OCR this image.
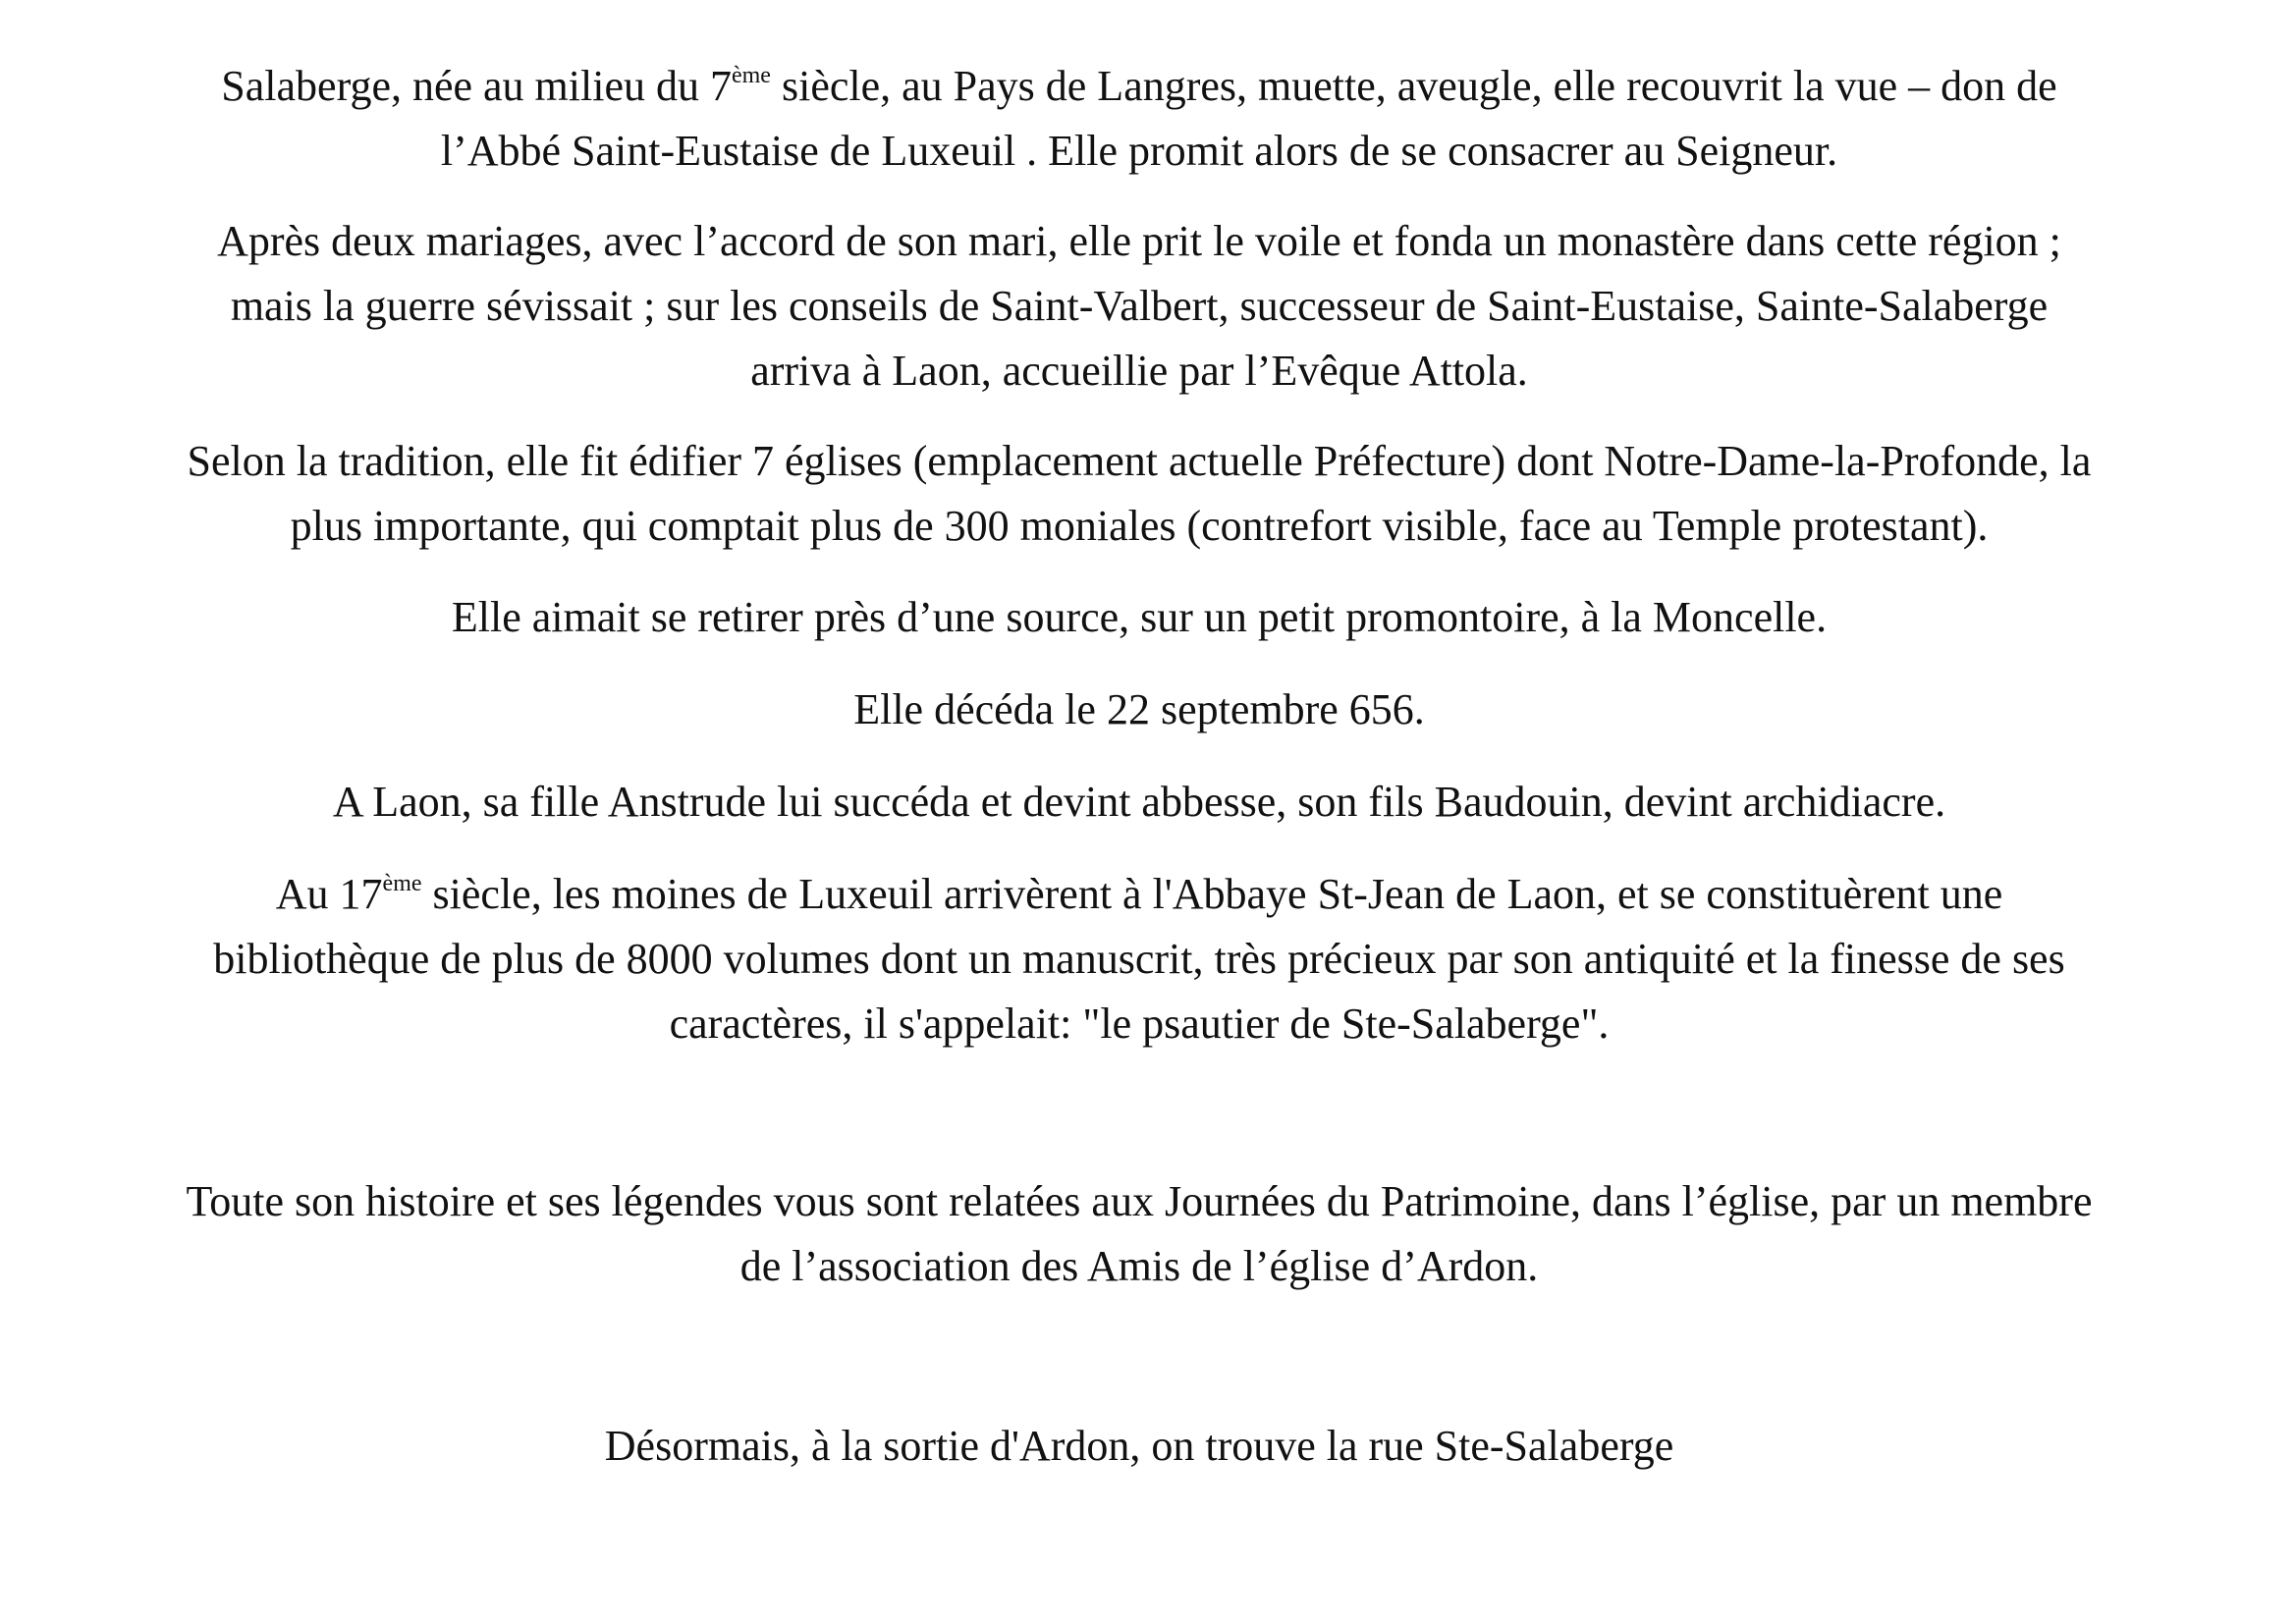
Salaberge, née au milieu du 7ème siècle, au Pays de Langres, muette, aveugle, elle recouvrit la vue – don de l’Abbé Saint-Eustaise de Luxeuil . Elle promit alors de se consacrer au Seigneur.

Après deux mariages, avec l’accord de son mari, elle prit le voile et fonda un monastère dans cette région ; mais la guerre sévissait ; sur les conseils de Saint-Valbert, successeur de Saint-Eustaise, Sainte-Salaberge arriva à Laon, accueillie par l’Evêque Attola.

Selon la tradition, elle fit édifier 7 églises (emplacement actuelle Préfecture) dont Notre-Dame-la-Profonde, la plus importante, qui comptait plus de 300 moniales (contrefort visible, face au Temple protestant).

Elle aimait se retirer près d’une source, sur un petit promontoire, à la Moncelle.

Elle décéda le 22 septembre 656.

A Laon, sa fille Anstrude lui succéda et devint abbesse, son fils Baudouin, devint archidiacre.

Au 17ème siècle, les moines de Luxeuil arrivèrent à l'Abbaye St-Jean de Laon, et se constituèrent une bibliothèque de plus de 8000 volumes dont un manuscrit, très précieux par son antiquité et la finesse de ses caractères, il s'appelait: "le psautier de Ste-Salaberge".

Toute son histoire et ses légendes vous sont relatées aux Journées du Patrimoine, dans l’église, par un membre de l’association des Amis de l’église d’Ardon.

Désormais, à la sortie d'Ardon, on trouve la rue Ste-Salaberge
